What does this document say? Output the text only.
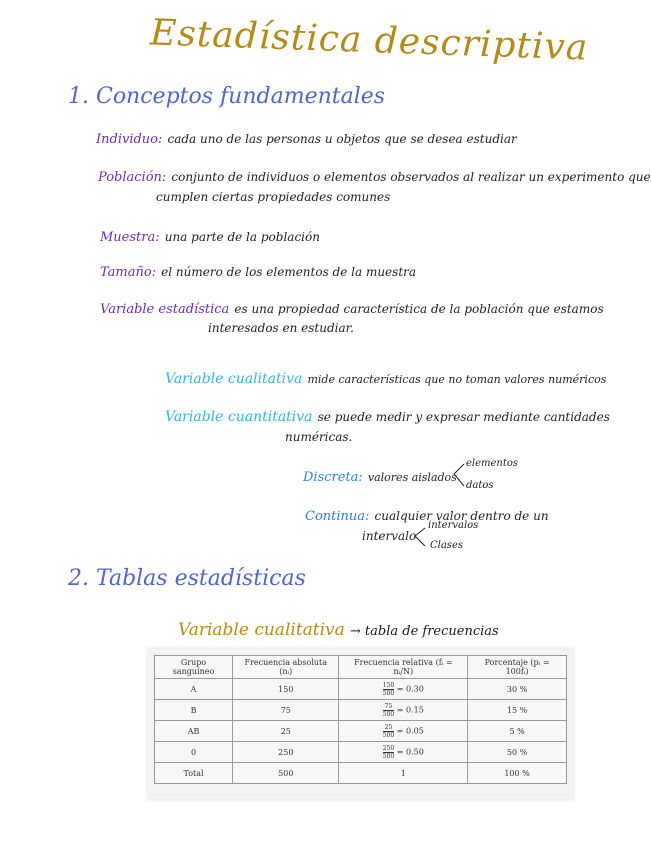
Estadística descriptiva
1. Conceptos fundamentales
Individuo: cada uno de las personas u objetos que se desea estudiar
Población: conjunto de individuos o elementos observados al realizar un experimento que
cumplen ciertas propiedades comunes
Muestra: una parte de la población
Tamaño: el número de los elementos de la muestra
Variable estadística es una propiedad característica de la población que estamos
interesados en estudiar.
Variable cualitativa mide características que no toman valores numéricos
Variable cuantitativa se puede medir y expresar mediante cantidades
numéricas.
Discreta: valores aislados
elementos
datos
Continua: cualquier valor dentro de un
intervalo
intervalos
Clases
2. Tablas estadísticas
Variable cualitativa → tabla de frecuencias
Grupo sanguíneo	Frecuencia absoluta (nᵢ)	Frecuencia relativa (fᵢ = nᵢ/N)	Porcentaje (pᵢ = 100fᵢ)
A	150	$\frac{150}{500} = 0.30$	30 %
B	75	$\frac{75}{500} = 0.15$	15 %
AB	25	$\frac{25}{500} = 0.05$	5 %
0	250	$\frac{250}{500} = 0.50$	50 %
Total	500	1	100 %
